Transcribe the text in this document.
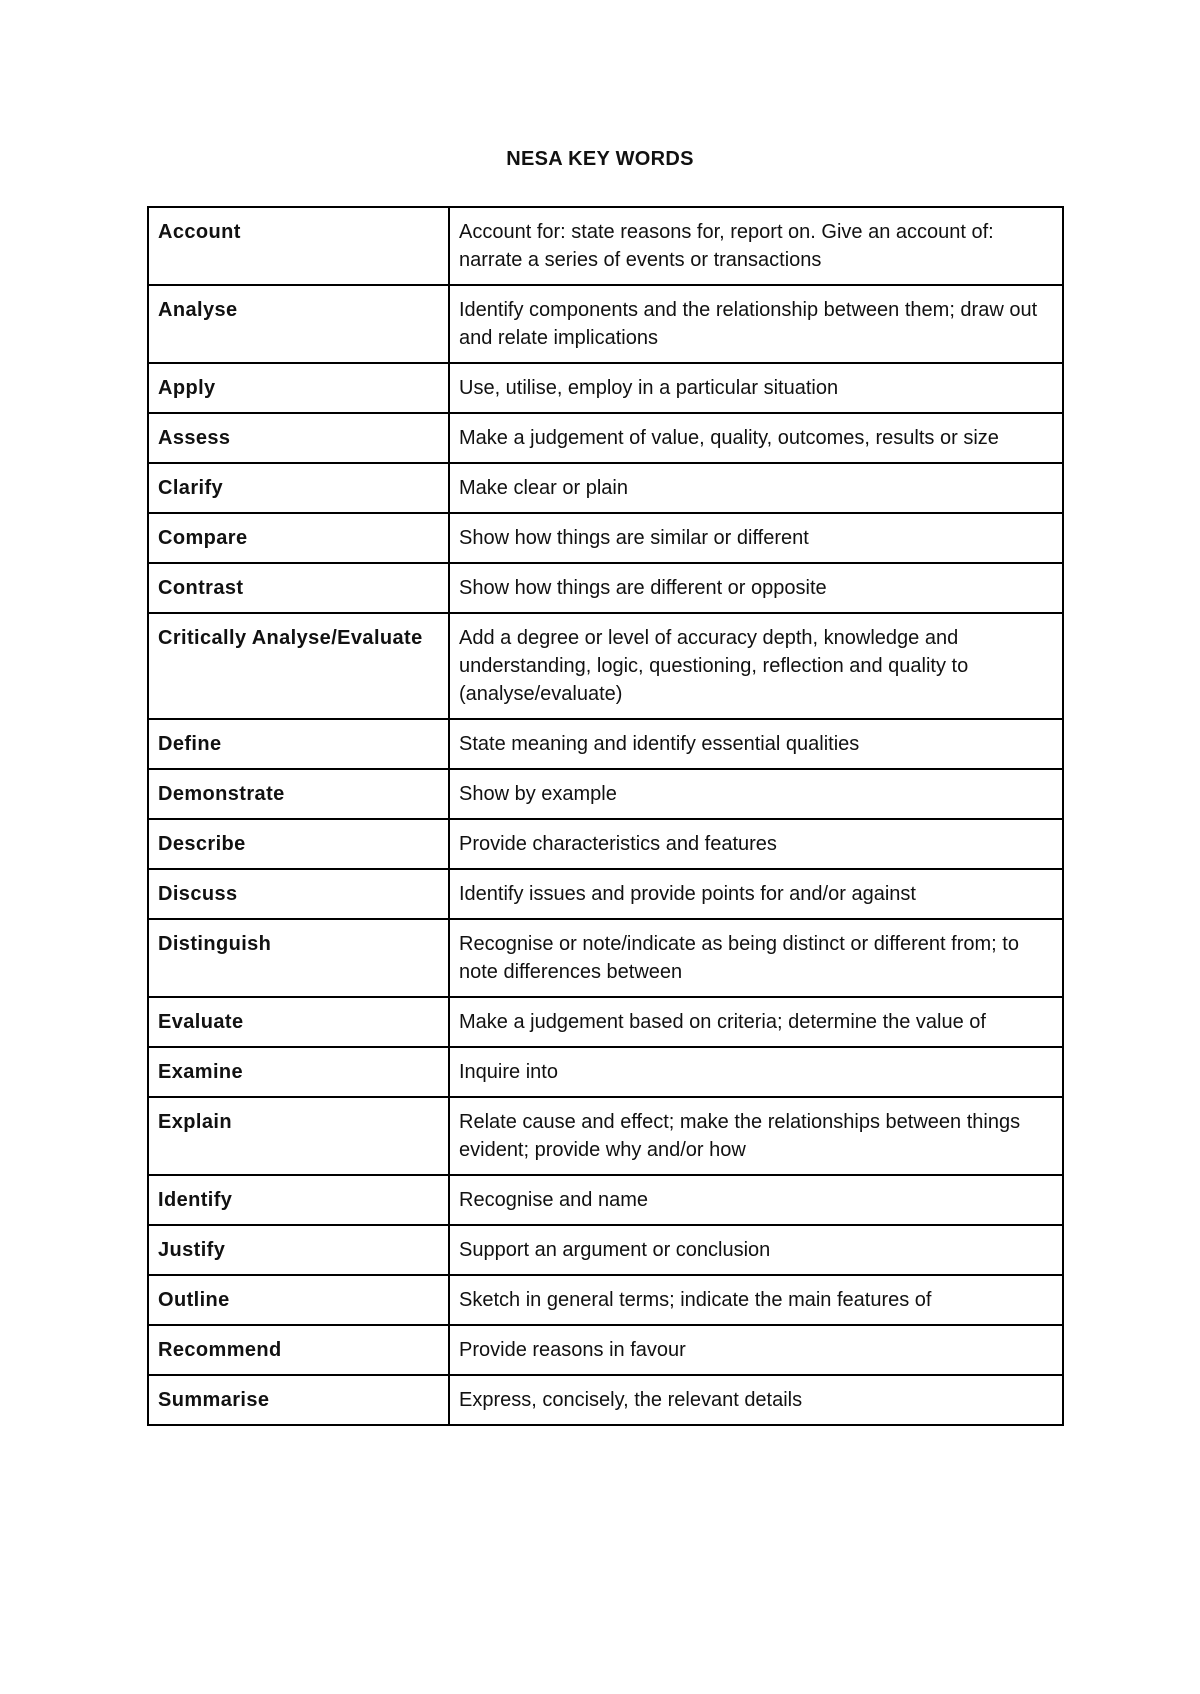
NESA KEY WORDS
Account	Account for: state reasons for, report on. Give an account of: narrate a series of events or transactions
Analyse	Identify components and the relationship between them; draw out and relate implications
Apply	Use, utilise, employ in a particular situation
Assess	Make a judgement of value, quality, outcomes, results or size
Clarify	Make clear or plain
Compare	Show how things are similar or different
Contrast	Show how things are different or opposite
Critically Analyse/Evaluate	Add a degree or level of accuracy depth, knowledge and understanding, logic, questioning, reflection and quality to (analyse/evaluate)
Define	State meaning and identify essential qualities
Demonstrate	Show by example
Describe	Provide characteristics and features
Discuss	Identify issues and provide points for and/or against
Distinguish	Recognise or note/indicate as being distinct or different from; to note differences between
Evaluate	Make a judgement based on criteria; determine the value of
Examine	Inquire into
Explain	Relate cause and effect; make the relationships between things evident; provide why and/or how
Identify	Recognise and name
Justify	Support an argument or conclusion
Outline	Sketch in general terms; indicate the main features of
Recommend	Provide reasons in favour
Summarise	Express, concisely, the relevant details
